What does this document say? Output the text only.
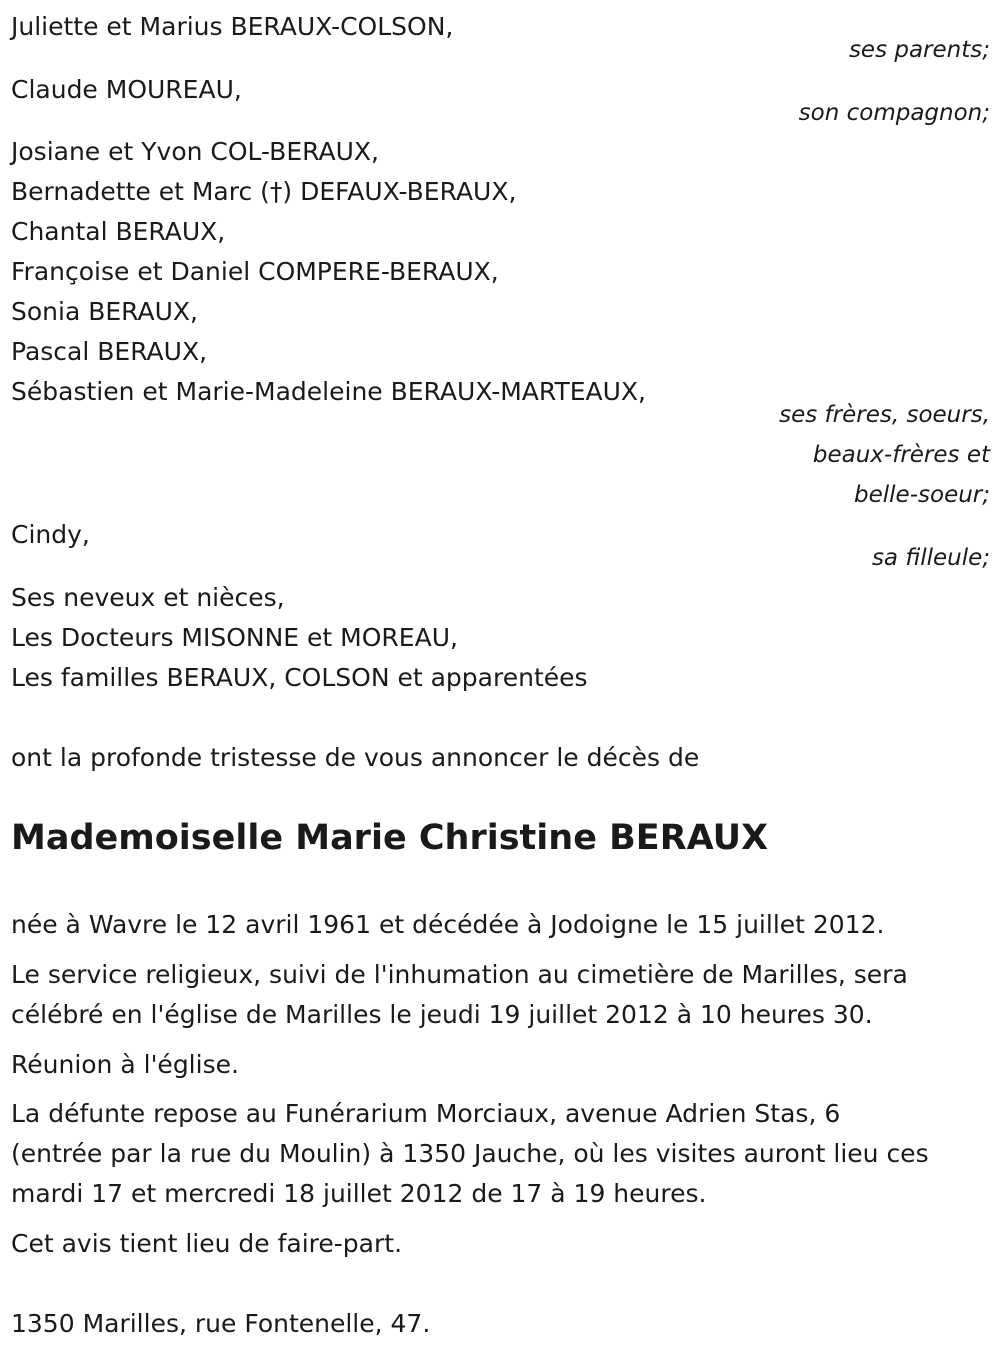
Juliette et Marius BERAUX-COLSON,
ses parents;
Claude MOUREAU,
son compagnon;
Josiane et Yvon COL-BERAUX,
Bernadette et Marc (†) DEFAUX-BERAUX,
Chantal BERAUX,
Françoise et Daniel COMPERE-BERAUX,
Sonia BERAUX,
Pascal BERAUX,
Sébastien et Marie-Madeleine BERAUX-MARTEAUX,
ses frères, soeurs,
beaux-frères et
belle-soeur;
Cindy,
sa filleule;
Ses neveux et nièces,
Les Docteurs MISONNE et MOREAU,
Les familles BERAUX, COLSON et apparentées
ont la profonde tristesse de vous annoncer le décès de
Mademoiselle Marie Christine BERAUX
née à Wavre le 12 avril 1961 et décédée à Jodoigne le 15 juillet 2012.
Le service religieux, suivi de l'inhumation au cimetière de Marilles, sera
célébré en l'église de Marilles le jeudi 19 juillet 2012 à 10 heures 30.
Réunion à l'église.
La défunte repose au Funérarium Morciaux, avenue Adrien Stas, 6
(entrée par la rue du Moulin) à 1350 Jauche, où les visites auront lieu ces
mardi 17 et mercredi 18 juillet 2012 de 17 à 19 heures.
Cet avis tient lieu de faire-part.
1350 Marilles, rue Fontenelle, 47.
